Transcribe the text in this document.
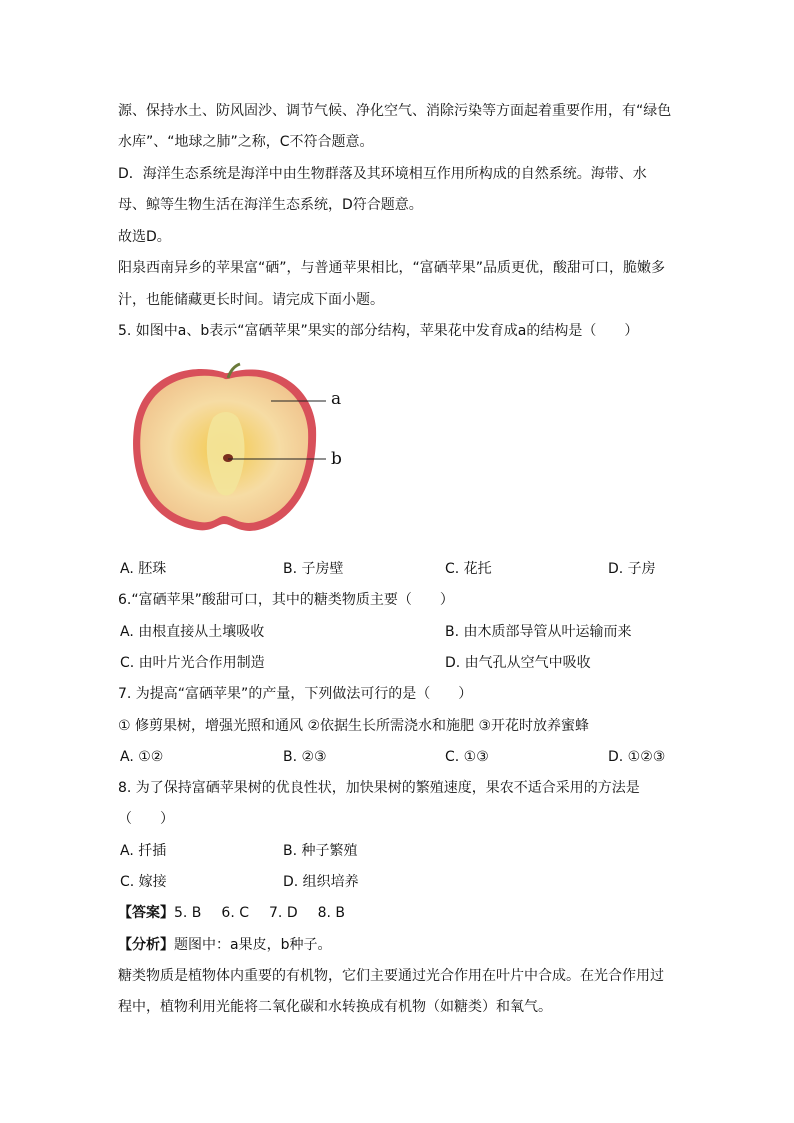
源、保持水土、防风固沙、调节气候、净化空气、消除污染等方面起着重要作用，有“绿色
水库”、“地球之肺”之称，C不符合题意。
D．海洋生态系统是海洋中由生物群落及其环境相互作用所构成的自然系统。海带、水
母、鲸等生物生活在海洋生态系统，D符合题意。
故选D。
阳泉西南异乡的苹果富“硒”，与普通苹果相比，“富硒苹果”品质更优，酸甜可口，脆嫩多
汁，也能储藏更长时间。请完成下面小题。
5. 如图中a、b表示“富硒苹果”果实的部分结构，苹果花中发育成a的结构是（　　）
a
b
A. 胚珠	B. 子房壁	C. 花托	D. 子房
6.“富硒苹果”酸甜可口，其中的糖类物质主要（　　）
A. 由根直接从土壤吸收	B. 由木质部导管从叶运输而来
C. 由叶片光合作用制造	D. 由气孔从空气中吸收
7. 为提高“富硒苹果”的产量，下列做法可行的是（　　）
① 修剪果树，增强光照和通风 ②依据生长所需浇水和施肥 ③开花时放养蜜蜂
A. ①②	B. ②③	C. ①③	D. ①②③
8. 为了保持富硒苹果树的优良性状，加快果树的繁殖速度，果农不适合采用的方法是
（　　）
A. 扦插	B. 种子繁殖
C. 嫁接	D. 组织培养
【答案】5. B 6. C 7. D 8. B
【分析】题图中：a果皮，b种子。
糖类物质是植物体内重要的有机物，它们主要通过光合作用在叶片中合成。在光合作用过
程中，植物利用光能将二氧化碳和水转换成有机物（如糖类）和氧气。
